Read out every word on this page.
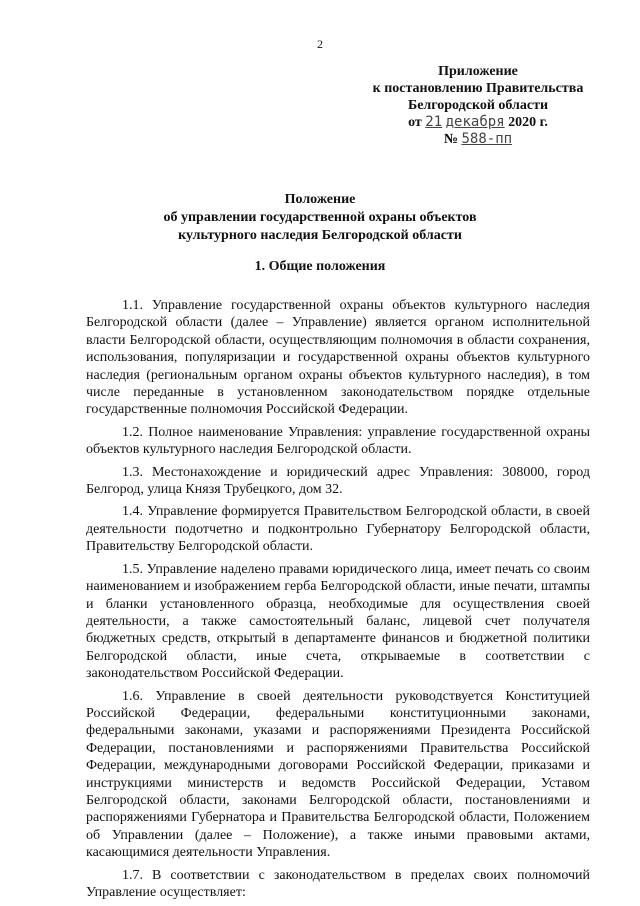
2
Приложение
к постановлению Правительства
Белгородской области
от 21 декабря 2020 г.
№ 588-пп
Положение
об управлении государственной охраны объектов
культурного наследия Белгородской области
1. Общие положения

1.1. Управление государственной охраны объектов культурного наследия Белгородской области (далее – Управление) является органом исполнительной власти Белгородской области, осуществляющим полномочия в области сохранения, использования, популяризации и государственной охраны объектов культурного наследия (региональным органом охраны объектов культурного наследия), в том числе переданные в установленном законодательством порядке отдельные государственные полномочия Российской Федерации.

1.2. Полное наименование Управления: управление государственной охраны объектов культурного наследия Белгородской области.

1.3. Местонахождение и юридический адрес Управления: 308000, город Белгород, улица Князя Трубецкого, дом 32.

1.4. Управление формируется Правительством Белгородской области, в своей деятельности подотчетно и подконтрольно Губернатору Белгородской области, Правительству Белгородской области.

1.5. Управление наделено правами юридического лица, имеет печать со своим наименованием и изображением герба Белгородской области, иные печати, штампы и бланки установленного образца, необходимые для осуществления своей деятельности, а также самостоятельный баланс, лицевой счет получателя бюджетных средств, открытый в департаменте финансов и бюджетной политики Белгородской области, иные счета, открываемые в соответствии с законодательством Российской Федерации.

1.6. Управление в своей деятельности руководствуется Конституцией Российской Федерации, федеральными конституционными законами, федеральными законами, указами и распоряжениями Президента Российской Федерации, постановлениями и распоряжениями Правительства Российской Федерации, международными договорами Российской Федерации, приказами и инструкциями министерств и ведомств Российской Федерации, Уставом Белгородской области, законами Белгородской области, постановлениями и распоряжениями Губернатора и Правительства Белгородской области, Положением об Управлении (далее – Положение), а также иными правовыми актами, касающимися деятельности Управления.

1.7. В соответствии с законодательством в пределах своих полномочий Управление осуществляет:
